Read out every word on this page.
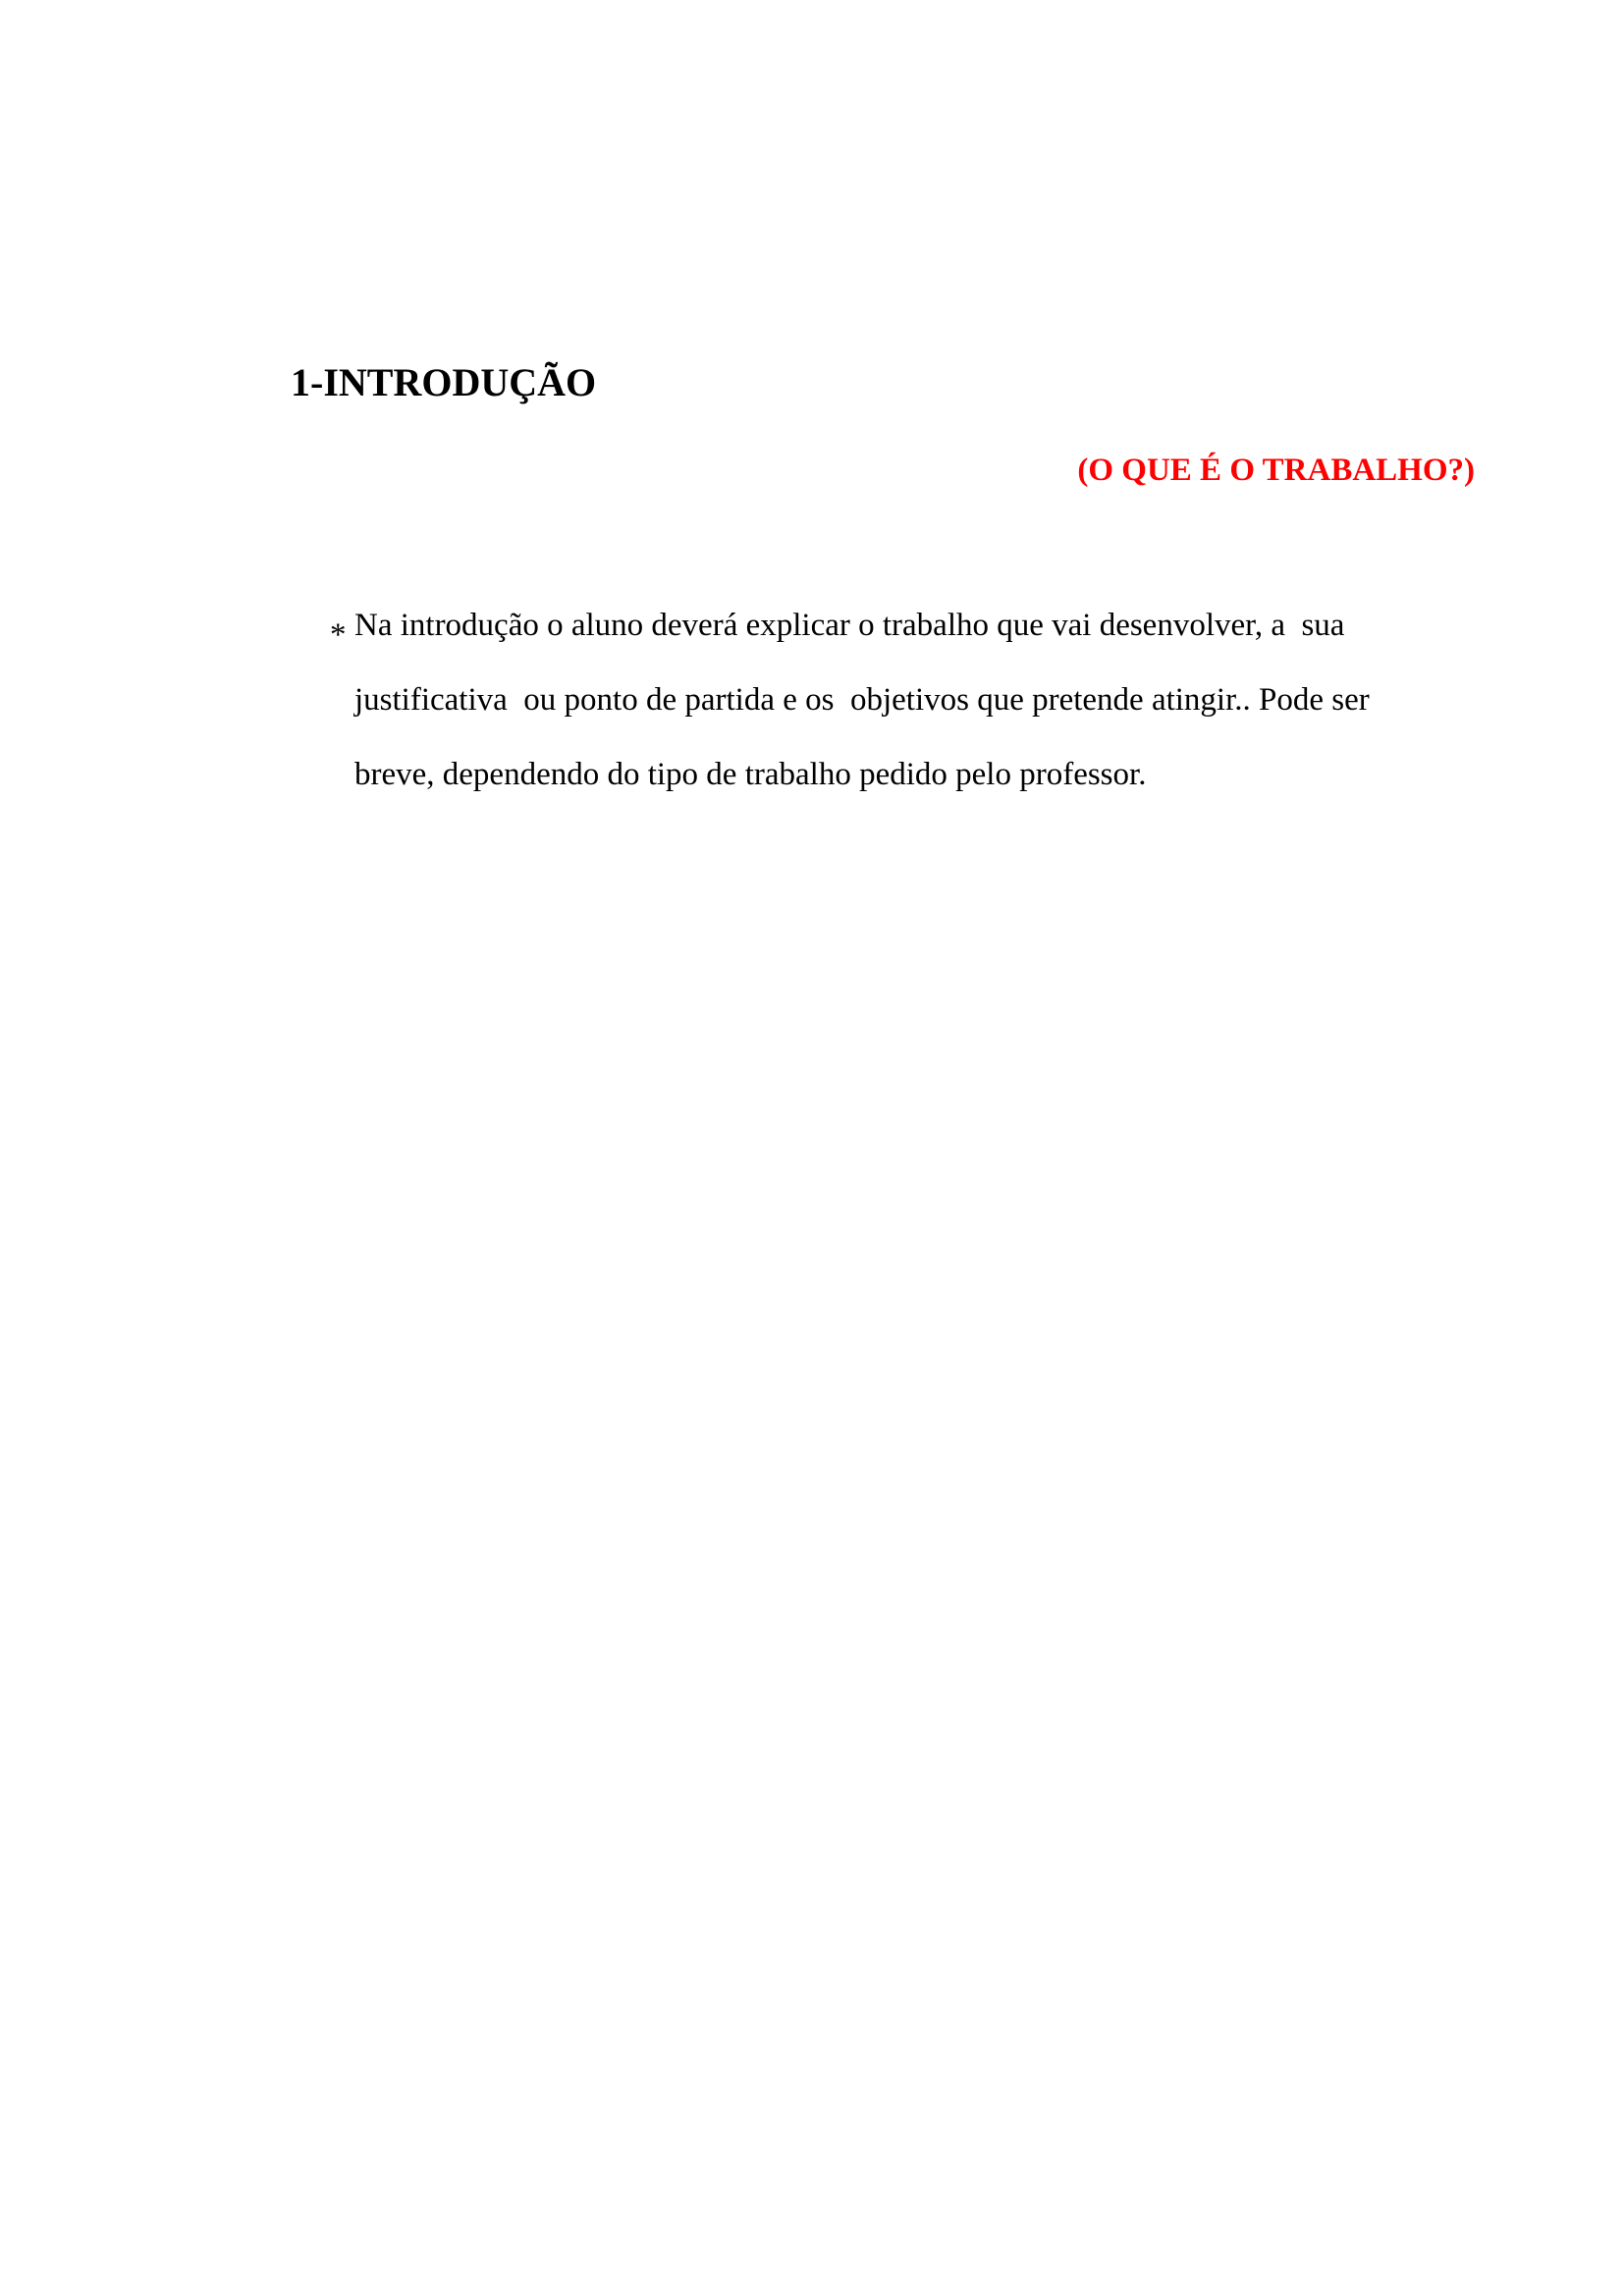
1-INTRODUÇÃO
(O QUE É O TRABALHO?)
* Na introdução o aluno deverá explicar o trabalho que vai desenvolver, a  sua
justificativa  ou ponto de partida e os  objetivos que pretende atingir.. Pode ser
breve, dependendo do tipo de trabalho pedido pelo professor.
